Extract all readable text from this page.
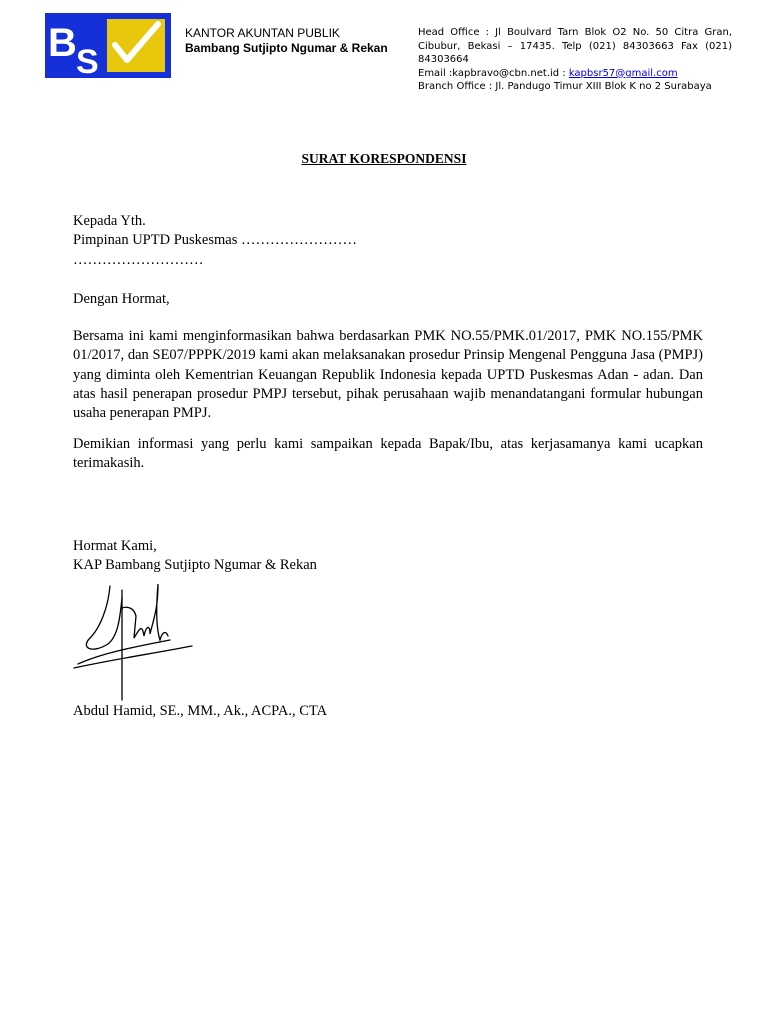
B S
KANTOR AKUNTAN PUBLIK
Bambang Sutjipto Ngumar & Rekan
Head Office : Jl Boulvard Tarn Blok O2 No. 50 Citra Gran, Cibubur, Bekasi – 17435. Telp (021) 84303663 Fax (021) 84303664
Email :kapbravo@cbn.net.id : kapbsr57@gmail.com
Branch Office : Jl. Pandugo Timur XIII Blok K no 2 Surabaya
SURAT KORESPONDENSI
Kepada Yth.
Pimpinan UPTD Puskesmas ……………………
………………………
Dengan Hormat,
Bersama ini kami menginformasikan bahwa berdasarkan PMK NO.55/PMK.01/2017, PMK NO.155/PMK 01/2017, dan SE07/PPPK/2019 kami akan melaksanakan prosedur Prinsip Mengenal Pengguna Jasa (PMPJ) yang diminta oleh Kementrian Keuangan Republik Indonesia kepada UPTD Puskesmas Adan - adan. Dan atas hasil penerapan prosedur PMPJ tersebut, pihak perusahaan wajib menandatangani formular hubungan usaha penerapan PMPJ.
Demikian informasi yang perlu kami sampaikan kepada Bapak/Ibu, atas kerjasamanya kami ucapkan terimakasih.
Hormat Kami,
KAP Bambang Sutjipto Ngumar & Rekan
Abdul Hamid, SE., MM., Ak., ACPA., CTA
